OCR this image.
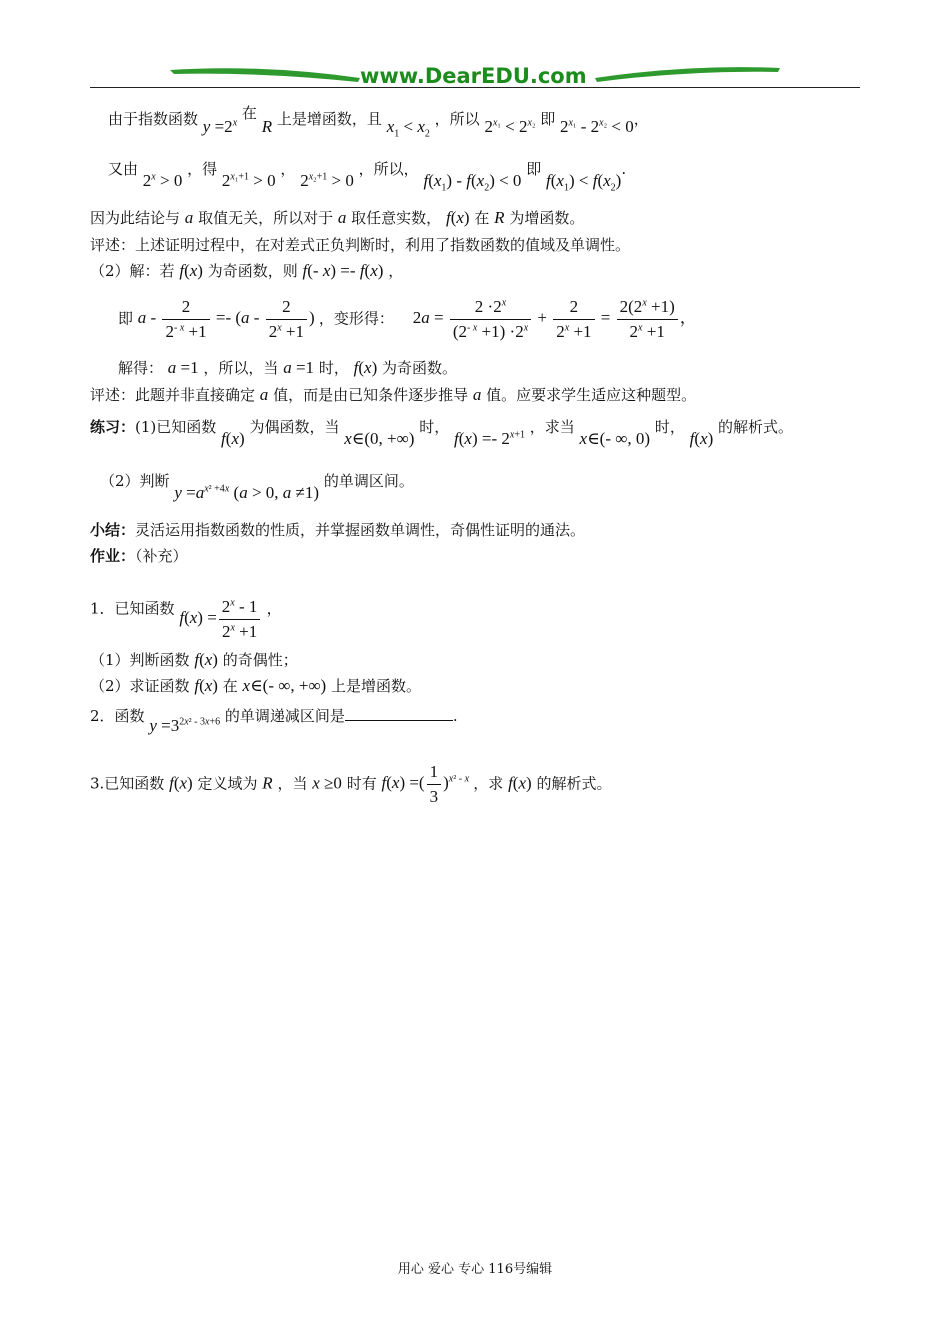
www.DearEDU.com
由于指数函数 $y =2^x$ 在 R 上是增函数，且 $x_1 < x_2$ ，所以 $2^{x_1} < 2^{x_2}$ 即 $2^{x_1} - 2^{x_2} < 0$，
又由 $2^x > 0$ ，得 $2^{x_1+1} > 0$ ， $2^{x_2+1} > 0$ ，所以， $f(x_1) - f(x_2) < 0$ 即 $f(x_1) < f(x_2)$.
因为此结论与 a 取值无关，所以对于 a 取任意实数， f(x) 在 R 为增函数。
评述：上述证明过程中，在对差式正负判断时，利用了指数函数的值域及单调性。
（2）解：若 f(x) 为奇函数，则 f(- x) =- f(x) ，
即 $a - \frac{2}{2^{- x} +1} =- (a - \frac{2}{2^x +1}$ ) ，变形得： $2a = \frac{2 \cdot 2^x}{(2^{- x} +1) \cdot 2^x} + \frac{2}{2^x +1} = \frac{2(2^x +1)}{2^x +1}$ ，
解得： a =1 ，所以，当 a =1 时， f(x) 为奇函数。
评述：此题并非直接确定 a 值，而是由已知条件逐步推导 a 值。应要求学生适应这种题型。
练习：(1)已知函数 f(x) 为偶函数，当 x∈(0, +∞) 时， $f(x) =- 2^{x+1}$ ，求当 x∈(- ∞, 0) 时， f(x) 的解析式。
（2）判断 $y =a^{x^2 +4x}$ (a > 0, a ≠1) 的单调区间。
小结：灵活运用指数函数的性质，并掌握函数单调性，奇偶性证明的通法。
作业：（补充）
1．已知函数 $f(x) = \frac{2^x - 1}{2^x +1}$ ，
（1）判断函数 f(x) 的奇偶性；
（2）求证函数 f(x) 在 x∈(- ∞, +∞) 上是增函数。
2．函数 $y =3^{2x^2 - 3x+6}$ 的单调递减区间是	.
3.已知函数 f(x) 定义域为 R ，当 x ≥0 时有 f(x) =( $\frac{1}{3} )^{x^2 - x}$ ，求 f(x) 的解析式。
用心 爱心 专心 116号编辑
